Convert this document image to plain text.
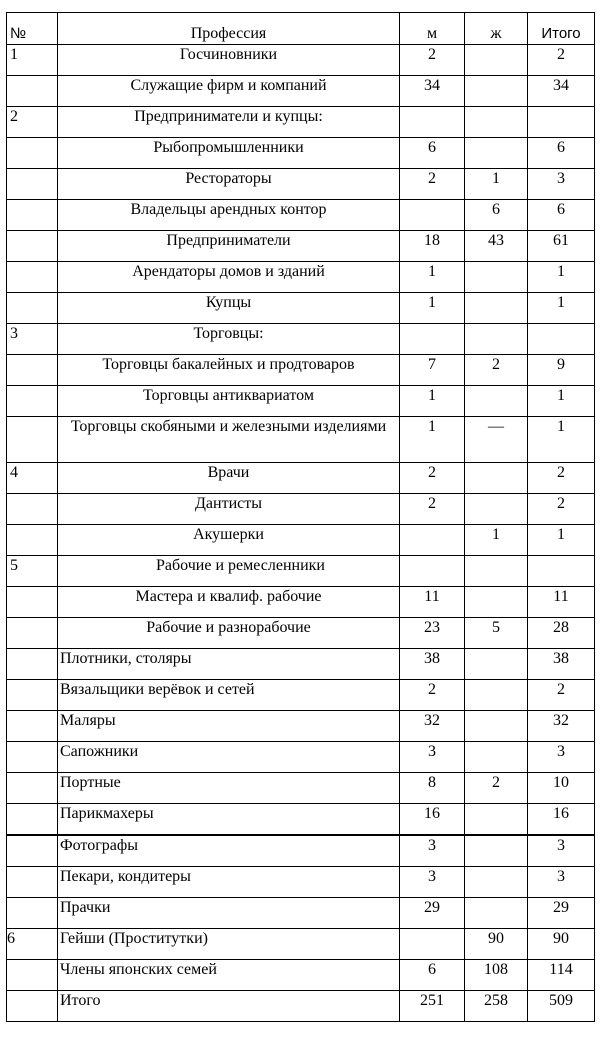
№	Профессия	м	ж	Итого
1	Госчиновники	2		2
	Служащие фирм и компаний	34		34
2	Предприниматели и купцы:			
	Рыбопромышленники	6		6
	Рестораторы	2	1	3
	Владельцы арендных контор		6	6
	Предприниматели	18	43	61
	Арендаторы домов и зданий	1		1
	Купцы	1		1
3	Торговцы:			
	Торговцы бакалейных и продтоваров	7	2	9
	Торговцы антиквариатом	1		1
	Торговцы скобяными и железными изделиями	1	—	1
4	Врачи	2		2
	Дантисты	2		2
	Акушерки		1	1
5	Рабочие и ремесленники			
	Мастера и квалиф. рабочие	11		11
	Рабочие и разнорабочие	23	5	28
	Плотники, столяры	38		38
	Вязальщики верёвок и сетей	2		2
	Маляры	32		32
	Сапожники	3		3
	Портные	8	2	10
	Парикмахеры	16		16
	Фотографы	3		3
	Пекари, кондитеры	3		3
	Прачки	29		29
6	Гейши (Проститутки)		90	90
	Члены японских семей	6	108	114
	Итого	251	258	509
